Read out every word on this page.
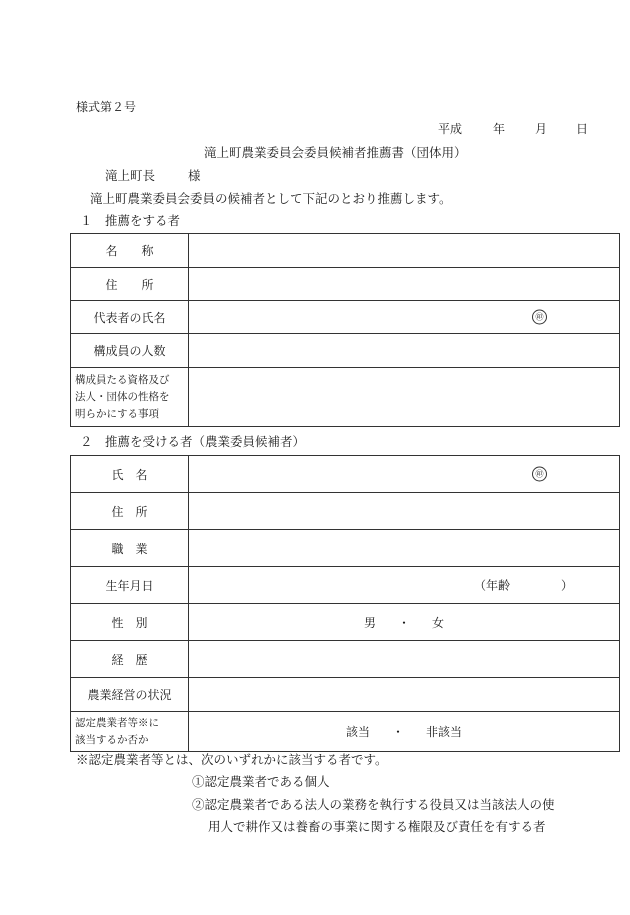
様式第２号
平成	年 月 日
滝上町農業委員会委員候補者推薦書（団体用）
滝上町長	様
滝上町農業委員会委員の候補者として下記のとおり推薦します。
１　推薦をする者
名　　称	
住　　所	
代表者の氏名	㊞

構成員の人数	

構成員たる資格及び
法人・団体の性格を
明らかにする事項	

２　推薦を受ける者（農業委員候補者）
氏　名	㊞

住　所	
職　業	
生年月日	（年齢 ）

性　別	男 ・ 女
経　歴	
農業経営の状況	

認定農業者等※に
該当するか否か	該当 ・ 非該当
※認定農業者等とは、次のいずれかに該当する者です。
①認定農業者である個人
②認定農業者である法人の業務を執行する役員又は当該法人の使
用人で耕作又は養畜の事業に関する権限及び責任を有する者
